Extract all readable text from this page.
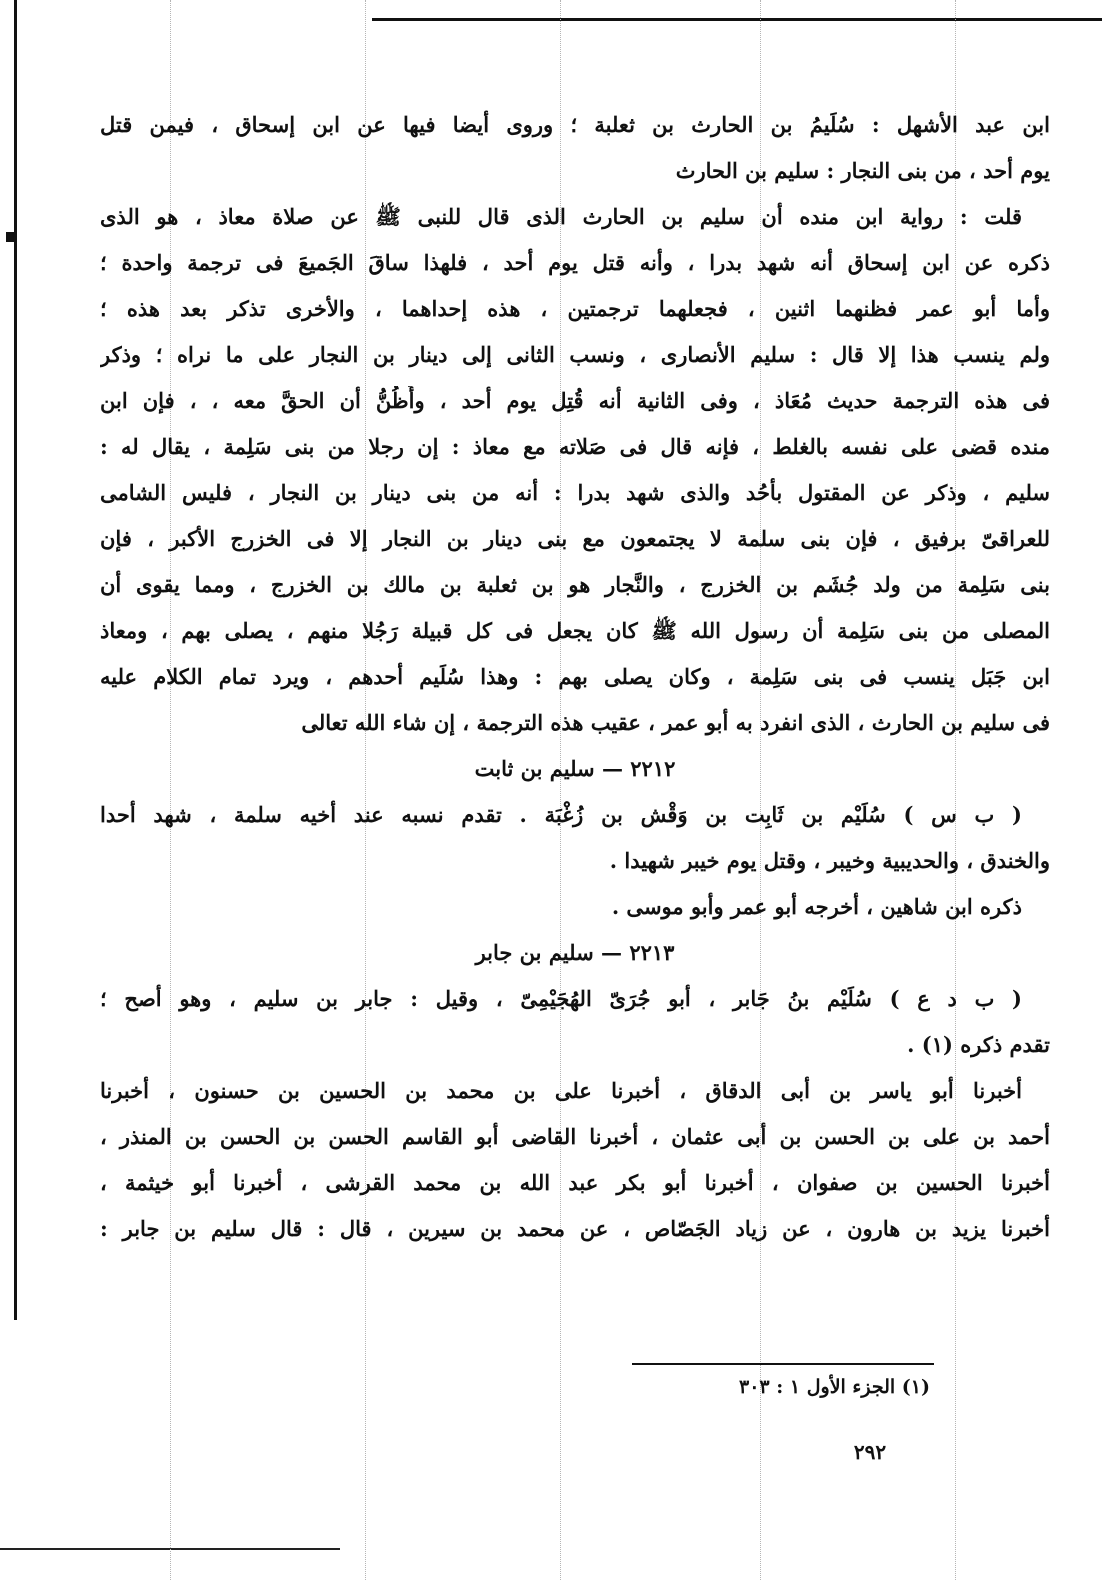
ابن عبد الأشهل : سُلَيمُ بن الحارث بن ثعلبة ؛ وروى أيضا فيها عن ابن إسحاق ، فيمن قتل
يوم أحد ، من بنى النجار : سليم بن الحارث
قلت : رواية ابن منده أن سليم بن الحارث الذى قال للنبى ﷺ عن صلاة معاذ ، هو الذى
ذكره عن ابن إسحاق أنه شهد بدرا ، وأنه قتل يوم أحد ، فلهذا ساقَ الجَميعَ فى ترجمة واحدة ؛
وأما أبو عمر فظنهما اثنين ، فجعلهما ترجمتين ، هذه إحداهما ، والأخرى تذكر بعد هذه ؛
ولم ينسب هذا إلا قال : سليم الأنصارى ، ونسب الثانى إلى دينار بن النجار على ما نراه ؛ وذكر
فى هذه الترجمة حديث مُعَاذ ، وفى الثانية أنه قُتِل يوم أحد ، وأَظُنُّ أن الحقَّ معه ، ، فإن ابن
منده قضى على نفسه بالغلط ، فإنه قال فى صَلاته مع معاذ : إن رجلا من بنى سَلِمة ، يقال له :
سليم ، وذكر عن المقتول بأُحُد والذى شهد بدرا : أنه من بنى دينار بن النجار ، فليس الشامى
للعراقىّ برفيق ، فإن بنى سلمة لا يجتمعون مع بنى دينار بن النجار إلا فى الخزرج الأكبر ، فإن
بنى سَلِمة من ولد جُشَم بن الخزرج ، والنَّجار هو بن ثعلبة بن مالك بن الخزرج ، ومما يقوى أن
المصلى من بنى سَلِمة أن رسول الله ﷺ كان يجعل فى كل قبيلة رَجُلا منهم ، يصلى بهم ، ومعاذ
ابن جَبَل ينسب فى بنى سَلِمة ، وكان يصلى بهم : وهذا سُلَيم أحدهم ، ويرد تمام الكلام عليه
فى سليم بن الحارث ، الذى انفرد به أبو عمر ، عقيب هذه الترجمة ، إن شاء الله تعالى
٢٢١٢ — سليم بن ثابت
( ب س ) سُلَيْم بن ثَابِت بن وَقْش بن زُغْبَة . تقدم نسبه عند أخيه سلمة ، شهد أحدا
والخندق ، والحديبية وخيبر ، وقتل يوم خيبر شهيدا .
ذكره ابن شاهين ، أخرجه أبو عمر وأبو موسى .
٢٢١٣ — سليم بن جابر
( ب د ع ) سُلَيْم بنُ جَابر ، أبو جُرَىّ الهُجَيْمِىّ ، وقيل : جابر بن سليم ، وهو أصح ؛
تقدم ذكره (١) .
أخبرنا أبو ياسر بن أبى الدقاق ، أخبرنا على بن محمد بن الحسين بن حسنون ، أخبرنا
أحمد بن على بن الحسن بن أبى عثمان ، أخبرنا القاضى أبو القاسم الحسن بن الحسن بن المنذر ،
أخبرنا الحسين بن صفوان ، أخبرنا أبو بكر عبد الله بن محمد القرشى ، أخبرنا أبو خيثمة ،
أخبرنا يزيد بن هارون ، عن زياد الجَصّاص ، عن محمد بن سيرين ، قال : قال سليم بن جابر :
(١) الجزء الأول ١ : ٣٠٣
٢٩٢
